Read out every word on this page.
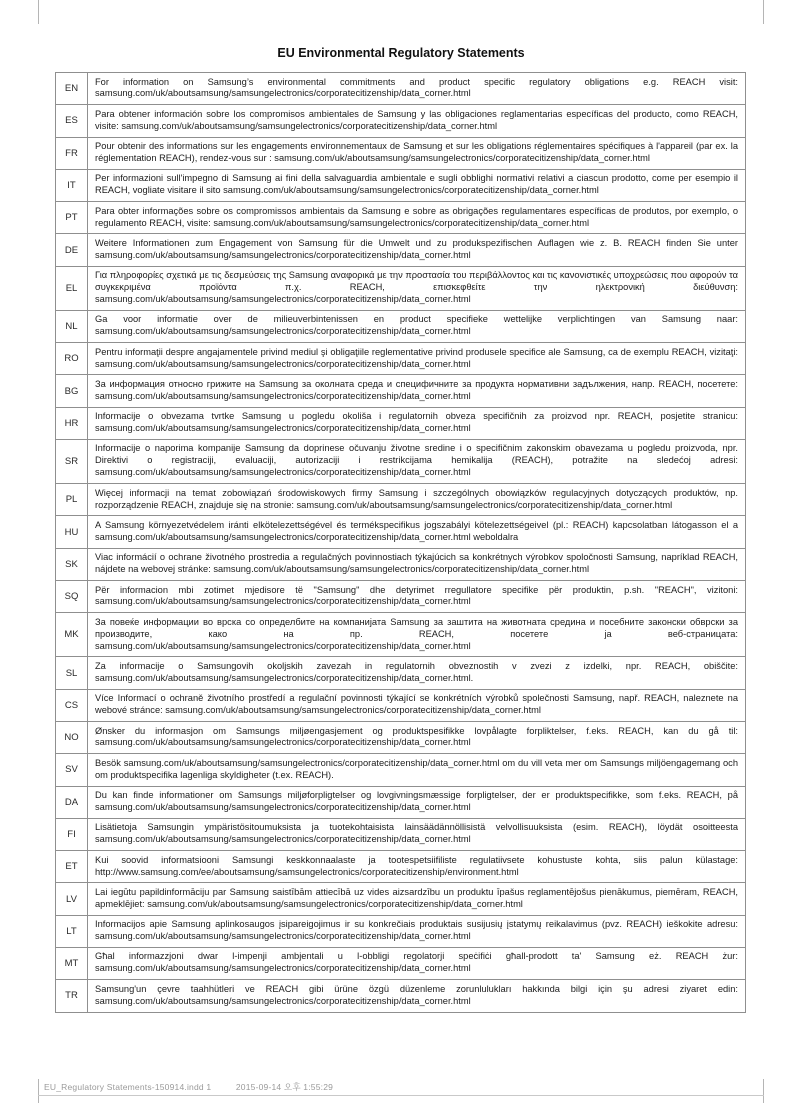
EU Environmental Regulatory Statements
EN	For information on Samsung’s environmental commitments and product specific regulatory obligations e.g. REACH visit: samsung.com/uk/aboutsamsung/samsungelectronics/corporatecitizenship/data_corner.html
ES	Para obtener información sobre los compromisos ambientales de Samsung y las obligaciones reglamentarias específicas del producto, como REACH, visite: samsung.com/uk/aboutsamsung/samsungelectronics/corporatecitizenship/data_corner.html
FR	Pour obtenir des informations sur les engagements environnementaux de Samsung et sur les obligations réglementaires spécifiques à l'appareil (par ex. la réglementation REACH), rendez-vous sur : samsung.com/uk/aboutsamsung/samsungelectronics/corporatecitizenship/data_corner.html
IT	Per informazioni sull'impegno di Samsung ai fini della salvaguardia ambientale e sugli obblighi normativi relativi a ciascun prodotto, come per esempio il REACH, vogliate visitare il sito samsung.com/uk/aboutsamsung/samsungelectronics/corporatecitizenship/data_corner.html
PT	Para obter informações sobre os compromissos ambientais da Samsung e sobre as obrigações regulamentares específicas de produtos, por exemplo, o regulamento REACH, visite: samsung.com/uk/aboutsamsung/samsungelectronics/corporatecitizenship/data_corner.html
DE	Weitere Informationen zum Engagement von Samsung für die Umwelt und zu produkspezifischen Auflagen wie z. B. REACH finden Sie unter samsung.com/uk/aboutsamsung/samsungelectronics/corporatecitizenship/data_corner.html
EL	Για πληροφορίες σχετικά με τις δεσμεύσεις της Samsung αναφορικά με την προστασία του περιβάλλοντος και τις κανονιστικές υποχρεώσεις που αφορούν τα συγκεκριμένα προϊόντα π.χ. REACH, επισκεφθείτε την ηλεκτρονική διεύθυνση: samsung.com/uk/aboutsamsung/samsungelectronics/corporatecitizenship/data_corner.html
NL	Ga voor informatie over de milieuverbintenissen en product specifieke wettelijke verplichtingen van Samsung naar: samsung.com/uk/aboutsamsung/samsungelectronics/corporatecitizenship/data_corner.html
RO	Pentru informaţii despre angajamentele privind mediul şi obligaţiile reglementative privind produsele specifice ale Samsung, ca de exemplu REACH, vizitaţi: samsung.com/uk/aboutsamsung/samsungelectronics/corporatecitizenship/data_corner.html
BG	За информация относно грижите на Samsung за околната среда и специфичните за продукта нормативни задължения, напр. REACH, посетете: samsung.com/uk/aboutsamsung/samsungelectronics/corporatecitizenship/data_corner.html
HR	Informacije o obvezama tvrtke Samsung u pogledu okoliša i regulatornih obveza specifičnih za proizvod npr. REACH, posjetite stranicu: samsung.com/uk/aboutsamsung/samsungelectronics/corporatecitizenship/data_corner.html
SR	Informacije o naporima kompanije Samsung da doprinese očuvanju životne sredine i o specifičnim zakonskim obavezama u pogledu proizvoda, npr. Direktivi o registraciji, evaluaciji, autorizaciji i restrikcijama hemikalija (REACH), potražite na sledećoj adresi: samsung.com/uk/aboutsamsung/samsungelectronics/corporatecitizenship/data_corner.html
PL	Więcej informacji na temat zobowiązań środowiskowych firmy Samsung i szczególnych obowiązków regulacyjnych dotyczących produktów, np. rozporządzenie REACH, znajduje się na stronie: samsung.com/uk/aboutsamsung/samsungelectronics/corporatecitizenship/data_corner.html
HU	A Samsung környezetvédelem iránti elkötelezettségével és termékspecifikus jogszabályi kötelezettségeivel (pl.: REACH) kapcsolatban látogasson el a samsung.com/uk/aboutsamsung/samsungelectronics/corporatecitizenship/data_corner.html weboldalra
SK	Viac informácií o ochrane životného prostredia a regulačných povinnostiach týkajúcich sa konkrétnych výrobkov spoločnosti Samsung, napríklad REACH, nájdete na webovej stránke: samsung.com/uk/aboutsamsung/samsungelectronics/corporatecitizenship/data_corner.html
SQ	Për informacion mbi zotimet mjedisore të "Samsung" dhe detyrimet rregullatore specifike për produktin, p.sh. "REACH", vizitoni: samsung.com/uk/aboutsamsung/samsungelectronics/corporatecitizenship/data_corner.html
MK	За повеќе информации во врска со определбите на компанијата Samsung за заштита на животната средина и посебните законски обврски за производите, како на пр. REACH, посетете ја веб-страницата: samsung.com/uk/aboutsamsung/samsungelectronics/corporatecitizenship/data_corner.html
SL	Za informacije o Samsungovih okoljskih zavezah in regulatornih obveznostih v zvezi z izdelki, npr. REACH, obiščite: samsung.com/uk/aboutsamsung/samsungelectronics/corporatecitizenship/data_corner.html.
CS	Více Informací o ochraně životního prostředí a regulační povinnosti týkající se konkrétních výrobků společnosti Samsung, např. REACH, naleznete na webové stránce: samsung.com/uk/aboutsamsung/samsungelectronics/corporatecitizenship/data_corner.html
NO	Ønsker du informasjon om Samsungs miljøengasjement og produktspesifikke lovpålagte forpliktelser, f.eks. REACH, kan du gå til: samsung.com/uk/aboutsamsung/samsungelectronics/corporatecitizenship/data_corner.html
SV	Besök samsung.com/uk/aboutsamsung/samsungelectronics/corporatecitizenship/data_corner.html om du vill veta mer om Samsungs miljöengagemang och om produktspecifika lagenliga skyldigheter (t.ex. REACH).
DA	Du kan finde informationer om Samsungs miljøforpligtelser og lovgivningsmæssige forpligtelser, der er produktspecifikke, som f.eks. REACH, på samsung.com/uk/aboutsamsung/samsungelectronics/corporatecitizenship/data_corner.html
FI	Lisätietoja Samsungin ympäristösitoumuksista ja tuotekohtaisista lainsäädännöllisistä velvollisuuksista (esim. REACH), löydät osoitteesta samsung.com/uk/aboutsamsung/samsungelectronics/corporatecitizenship/data_corner.html
ET	Kui soovid informatsiooni Samsungi keskkonnaalaste ja tootespetsiifiliste regulatiivsete kohustuste kohta, siis palun külastage: http://www.samsung.com/ee/aboutsamsung/samsungelectronics/corporatecitizenship/environment.html
LV	Lai iegūtu papildinformāciju par Samsung saistībām attiecībā uz vides aizsardzību un produktu īpašus reglamentējošus pienākumus, piemēram, REACH, apmeklējiet: samsung.com/uk/aboutsamsung/samsungelectronics/corporatecitizenship/data_corner.html
LT	Informacijos apie Samsung aplinkosaugos įsipareigojimus ir su konkrečiais produktais susijusių įstatymų reikalavimus (pvz. REACH) ieškokite adresu: samsung.com/uk/aboutsamsung/samsungelectronics/corporatecitizenship/data_corner.html
MT	Għal informazzjoni dwar l-impenji ambjentali u l-obbligi regolatorji speċifiċi għall-prodott ta' Samsung eż. REACH żur: samsung.com/uk/aboutsamsung/samsungelectronics/corporatecitizenship/data_corner.html
TR	Samsung'un çevre taahhütleri ve REACH gibi ürüne özgü düzenleme zorunlulukları hakkında bilgi için şu adresi ziyaret edin: samsung.com/uk/aboutsamsung/samsungelectronics/corporatecitizenship/data_corner.html
EU_Regulatory Statements-150914.indd 1	2015-09-14 오후 1:55:29
